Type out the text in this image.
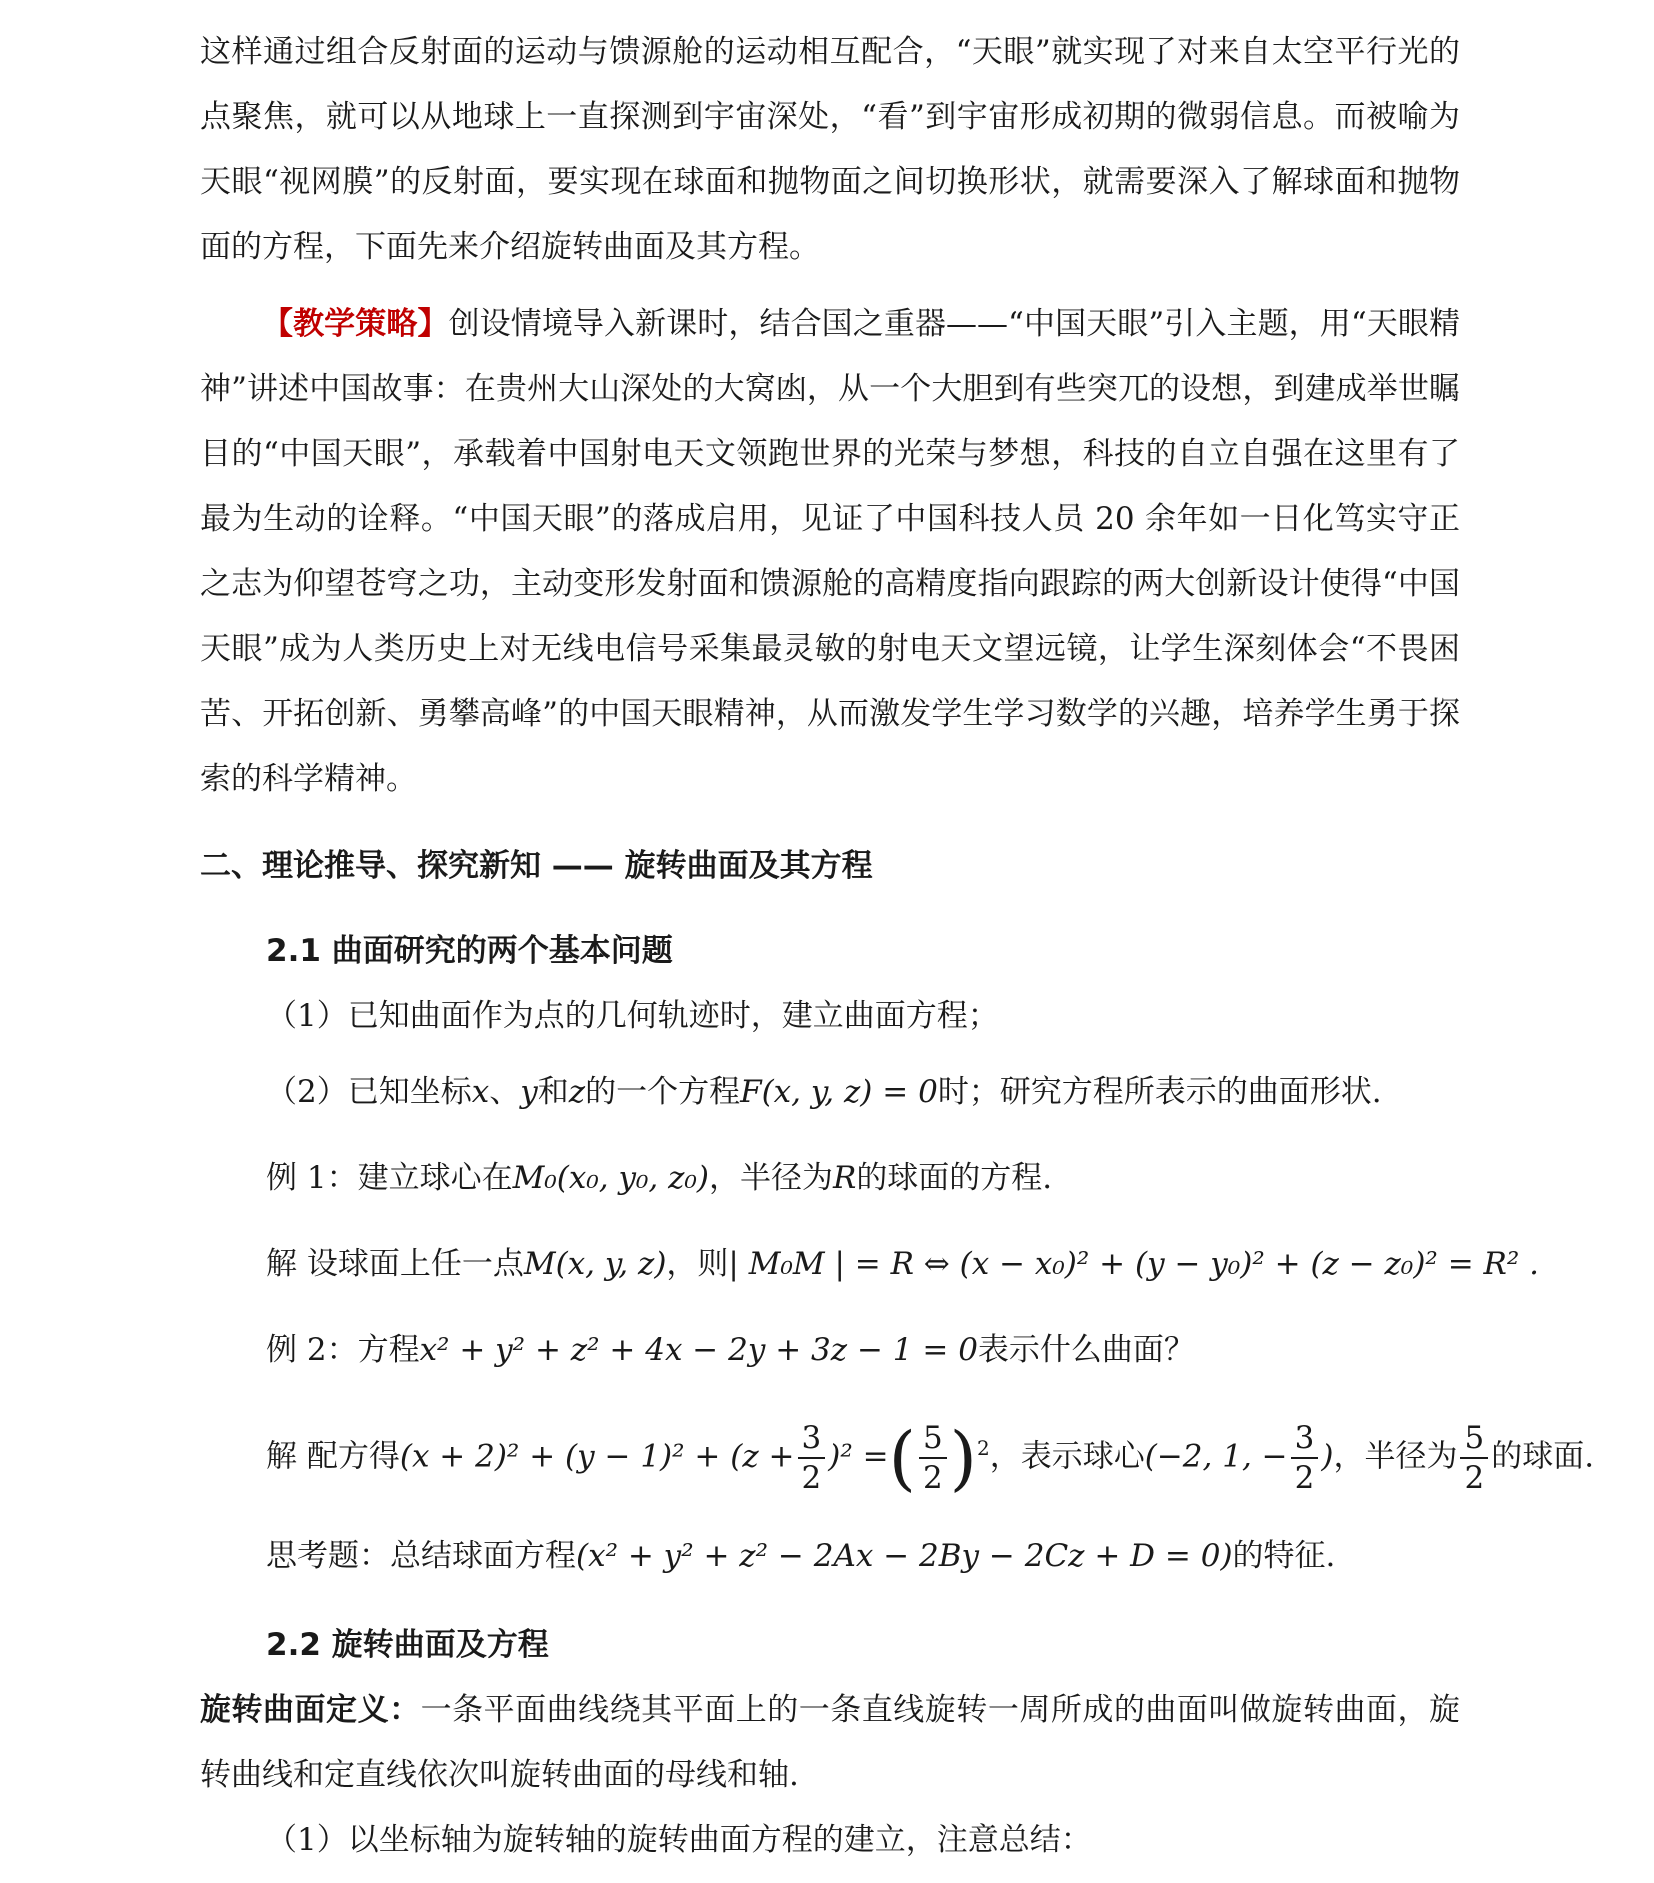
这样通过组合反射面的运动与馈源舱的运动相互配合，“天眼”就实现了对来自太空平行光的点聚焦，就可以从地球上一直探测到宇宙深处，“看”到宇宙形成初期的微弱信息。而被喻为天眼“视网膜”的反射面，要实现在球面和抛物面之间切换形状，就需要深入了解球面和抛物面的方程，下面先来介绍旋转曲面及其方程。

【教学策略】创设情境导入新课时，结合国之重器——“中国天眼”引入主题，用“天眼精神”讲述中国故事：在贵州大山深处的大窝凼，从一个大胆到有些突兀的设想，到建成举世瞩目的“中国天眼”，承载着中国射电天文领跑世界的光荣与梦想，科技的自立自强在这里有了最为生动的诠释。“中国天眼”的落成启用，见证了中国科技人员 20 余年如一日化笃实守正之志为仰望苍穹之功，主动变形发射面和馈源舱的高精度指向跟踪的两大创新设计使得“中国天眼”成为人类历史上对无线电信号采集最灵敏的射电天文望远镜，让学生深刻体会“不畏困苦、开拓创新、勇攀高峰”的中国天眼精神，从而激发学生学习数学的兴趣，培养学生勇于探索的科学精神。

二、理论推导、探究新知 —— 旋转曲面及其方程
2.1 曲面研究的两个基本问题

（1）已知曲面作为点的几何轨迹时，建立曲面方程；

（2）已知坐标x、y和z的一个方程F(x, y, z) = 0时；研究方程所表示的曲面形状.

例 1：建立球心在M₀(x₀, y₀, z₀)，半径为R的球面的方程.

解 设球面上任一点M(x, y, z)，则| M₀M | = R ⇔ (x − x₀)² + (y − y₀)² + (z − z₀)² = R² .

例 2：方程x² + y² + z² + 4x − 2y + 3z − 1 = 0表示什么曲面？

解 配方得$(x + 2)^2 + (y - 1)^2 + (z + \frac{3}{2} )^2$ =( $\frac{5}{2} )^2$，表示球心(−2, 1, − $\frac{3}{2}$ )，半径为 $\frac{5}{2}$ 的球面.

思考题：总结球面方程(x² + y² + z² − 2Ax − 2By − 2Cz + D = 0)的特征.

2.2 旋转曲面及方程

旋转曲面定义：一条平面曲线绕其平面上的一条直线旋转一周所成的曲面叫做旋转曲面，旋转曲线和定直线依次叫旋转曲面的母线和轴.

（1）以坐标轴为旋转轴的旋转曲面方程的建立，注意总结：
